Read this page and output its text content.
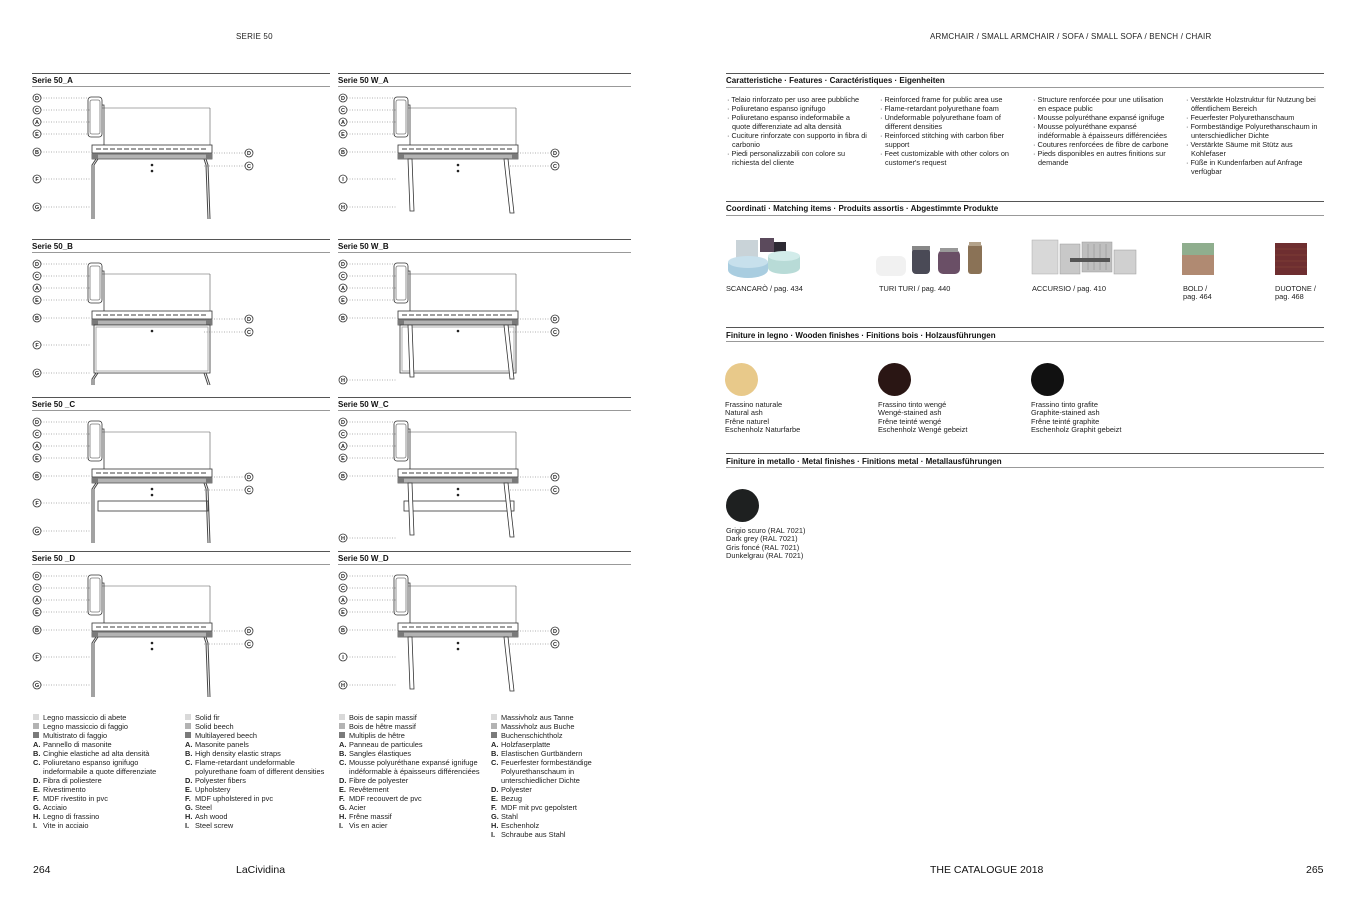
SERIE 50	ARMCHAIR / SMALL ARMCHAIR / SOFA / SMALL SOFA / BENCH / CHAIR
Serie 50_A
D
C
A
E
B
F
G
D
C
Serie 50 W_A
D
C
A
E
B
I
H
D
C
Serie 50_B
D
C
A
E
B
F
G
D
C
Serie 50 W_B
D
C
A
E
B
H
D
C
Serie 50 _C
D
C
A
E
B
F
G
D
C
Serie 50 W_C
D
C
A
E
B
H
D
C
Serie 50 _D
D
C
A
E
B
F
G
D
C
Serie 50 W_D
D
C
A
E
B
I
H
D
C
Legno massiccio di abete
Legno massiccio di faggio
Multistrato di faggio
A. Pannello di masonite
B. Cinghie elastiche ad alta densità
C. Poliuretano espanso ignifugo indeformabile a quote differenziate
D. Fibra di poliestere
E. Rivestimento
F. MDF rivestito in pvc
G. Acciaio
H. Legno di frassino
I. Vite in acciaio
Solid fir
Solid beech
Multilayered beech
A. Masonite panels
B. High density elastic straps
C. Flame-retardant undeformable polyurethane foam of different densities
D. Polyester fibers
E. Upholstery
F. MDF upholstered in pvc
G. Steel
H. Ash wood
I. Steel screw
Bois de sapin massif
Bois de hêtre massif
Multiplis de hêtre
A. Panneau de particules
B. Sangles élastiques
C. Mousse polyuréthane expansé ignifuge indéformable à épaisseurs différenciées
D. Fibre de polyester
E. Revêtement
F. MDF recouvert de pvc
G. Acier
H. Frêne massif
I. Vis en acier
Massivholz aus Tanne
Massivholz aus Buche
Buchenschichtholz
A. Holzfaserplatte
B. Elastischen Gurtbändern
C. Feuerfester formbeständige Polyurethanschaum in unterschiedlicher Dichte
D. Polyester
E. Bezug
F. MDF mit pvc gepolstert
G. Stahl
H. Eschenholz
I. Schraube aus Stahl
264	LaCividina	THE CATALOGUE 2018	265
Caratteristiche · Features · Caractéristiques · Eigenheiten
· Telaio rinforzato per uso aree pubbliche
· Poliuretano espanso ignifugo
· Poliuretano espanso indeformabile a quote differenziate ad alta densità
· Cuciture rinforzate con supporto in fibra di carbonio
· Piedi personalizzabili con colore su richiesta del cliente
· Reinforced frame for public area use
· Flame-retardant polyurethane foam
· Undeformable polyurethane foam of different densities
· Reinforced stitching with carbon fiber support
· Feet customizable with other colors on customer's request
· Structure renforcée pour une utilisation en espace public
· Mousse polyuréthane expansé ignifuge
· Mousse polyuréthane expansé indéformable à épaisseurs différenciées
· Coutures renforcées de fibre de carbone
· Pieds disponibles en autres finitions sur demande
· Verstärkte Holzstruktur für Nutzung bei öffentlichem Bereich
· Feuerfester Polyurethanschaum
· Formbeständige Polyurethanschaum in unterschiedlicher Dichte
· Verstärkte Säume mit Stütz aus Kohlefaser
· Füße in Kundenfarben auf Anfrage verfügbar
Coordinati · Matching items · Produits assortis · Abgestimmte Produkte
SCANCARÒ / pag. 434	TURI TURI / pag. 440	ACCURSIO / pag. 410	BOLD / pag. 464
DUOTONE / pag. 468
Finiture in legno · Wooden finishes · Finitions bois · Holzausführungen
Frassino naturale
Natural ash
Frêne naturel
Eschenholz Naturfarbe
Frassino tinto wengé
Wengé-stained ash
Frêne teinté wengé
Eschenholz Wengé gebeizt
Frassino tinto grafite
Graphite-stained ash
Frêne teinté graphite
Eschenholz Graphit gebeizt
Finiture in metallo · Metal finishes · Finitions metal · Metallausführungen
Grigio scuro (RAL 7021)
Dark grey (RAL 7021)
Gris foncé (RAL 7021)
Dunkelgrau (RAL 7021)
